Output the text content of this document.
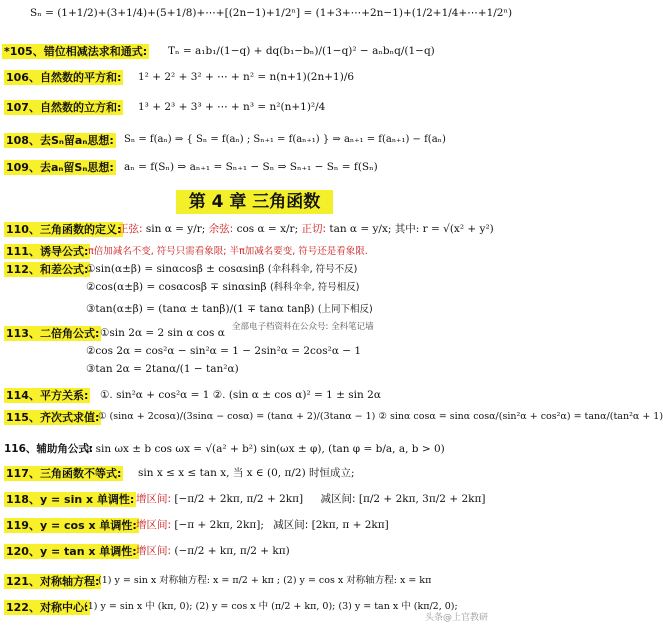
Sₙ = (1+1/2)+(3+1/4)+(5+1/8)+⋯+[(2n−1)+1/2ⁿ] = (1+3+⋯+2n−1)+(1/2+1/4+⋯+1/2ⁿ)
*105、错位相减法求和通式: Tₙ = a₁b₁/(1−q) + dq(b₁−bₙ)/(1−q)² − aₙbₙq/(1−q)
106、自然数的平方和: 1² + 2² + 3² + ⋯ + n² = n(n+1)(2n+1)/6
107、自然数的立方和: 1³ + 2³ + 3³ + ⋯ + n³ = n²(n+1)²/4
108、去Sₙ留aₙ思想: Sₙ = f(aₙ) ⇒ { Sₙ = f(aₙ) ; Sₙ₊₁ = f(aₙ₊₁) } ⇒ aₙ₊₁ = f(aₙ₊₁) − f(aₙ)
109、去aₙ留Sₙ思想: aₙ = f(Sₙ) ⇒ aₙ₊₁ = Sₙ₊₁ − Sₙ ⇒ Sₙ₊₁ − Sₙ = f(Sₙ)
第 4 章 三角函数
110、三角函数的定义:
正弦: sin α = y/r; 余弦: cos α = x/r; 正切: tan α = y/x; 其中: r = √(x² + y²)
111、诱导公式: π倍加减名不变, 符号只需看象限; 半π加减名要变, 符号还是看象限.
112、和差公式:
①sin(α±β) = sinαcosβ ± cosαsinβ (伞科科伞, 符号不反)
②cos(α±β) = cosαcosβ ∓ sinαsinβ (科科伞伞, 符号相反)
③tan(α±β) = (tanα ± tanβ)/(1 ∓ tanα tanβ) (上同下相反)
全部电子档资料在公众号: 全科笔记墙
113、二倍角公式: ①sin 2α = 2 sin α cos α
②cos 2α = cos²α − sin²α = 1 − 2sin²α = 2cos²α − 1
③tan 2α = 2tanα/(1 − tan²α)
114、平方关系: ①. sin²α + cos²α = 1 ②. (sin α ± cos α)² = 1 ± sin 2α
115、齐次式求值:
① (sinα + 2cosα)/(3sinα − cosα) = (tanα + 2)/(3tanα − 1) ② sinα cosα = sinα cosα/(sin²α + cos²α) = tanα/(tan²α + 1)
116、辅助角公式:
a sin ωx ± b cos ωx = √(a² + b²) sin(ωx ± φ), (tan φ = b/a, a, b > 0)
117、三角函数不等式: sin x ≤ x ≤ tan x, 当 x ∈ (0, π/2) 时恒成立;
118、y = sin x 单调性: 增区间: [−π/2 + 2kπ, π/2 + 2kπ] 减区间: [π/2 + 2kπ, 3π/2 + 2kπ]
119、y = cos x 单调性: 增区间: [−π + 2kπ, 2kπ]; 减区间: [2kπ, π + 2kπ]
120、y = tan x 单调性: 增区间: (−π/2 + kπ, π/2 + kπ)
121、对称轴方程:
(1) y = sin x 对称轴方程: x = π/2 + kπ ; (2) y = cos x 对称轴方程: x = kπ
122、对称中心:
(1) y = sin x 中 (kπ, 0); (2) y = cos x 中 (π/2 + kπ, 0); (3) y = tan x 中 (kπ/2, 0);
头条@上官教研
